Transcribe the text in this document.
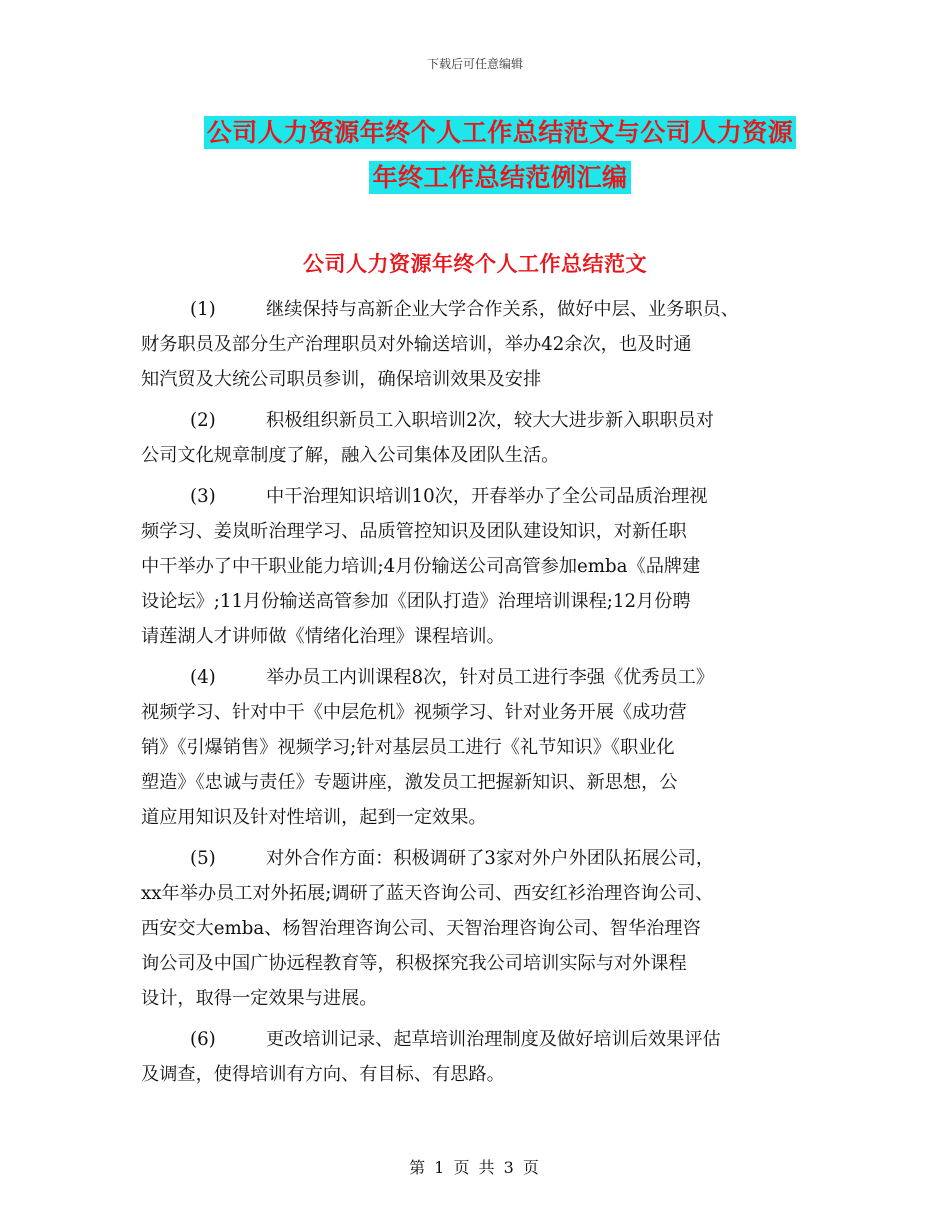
下载后可任意编辑
公司人力资源年终个人工作总结范文与公司人力资源
年终工作总结范例汇编
公司人力资源年终个人工作总结范文
(1)	继续保持与高新企业大学合作关系，做好中层、业务职员、
财务职员及部分生产治理职员对外输送培训，举办42余次，也及时通
知汽贸及大统公司职员参训，确保培训效果及安排
(2)	积极组织新员工入职培训2次，较大大进步新入职职员对
公司文化规章制度了解，融入公司集体及团队生活。
(3)	中干治理知识培训10次，开春举办了全公司品质治理视
频学习、姜岚昕治理学习、品质管控知识及团队建设知识，对新任职
中干举办了中干职业能力培训;4月份输送公司高管参加emba《品牌建
设论坛》;11月份输送高管参加《团队打造》治理培训课程;12月份聘
请莲湖人才讲师做《情绪化治理》课程培训。
(4)	举办员工内训课程8次，针对员工进行李强《优秀员工》
视频学习、针对中干《中层危机》视频学习、针对业务开展《成功营
销》《引爆销售》视频学习;针对基层员工进行《礼节知识》《职业化
塑造》《忠诚与责任》专题讲座，激发员工把握新知识、新思想，公
道应用知识及针对性培训，起到一定效果。
(5)	对外合作方面：积极调研了3家对外户外团队拓展公司，
xx年举办员工对外拓展;调研了蓝天咨询公司、西安红衫治理咨询公司、
西安交大emba、杨智治理咨询公司、天智治理咨询公司、智华治理咨
询公司及中国广协远程教育等，积极探究我公司培训实际与对外课程
设计，取得一定效果与进展。
(6)	更改培训记录、起草培训治理制度及做好培训后效果评估
及调查，使得培训有方向、有目标、有思路。
第 1 页 共 3 页
